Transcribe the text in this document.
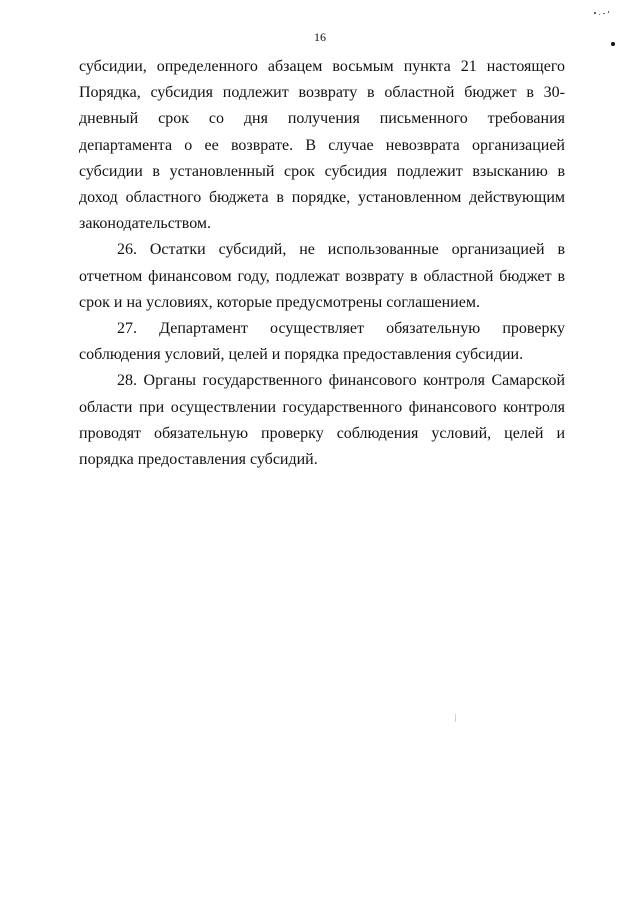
16

субсидии, определенного абзацем восьмым пункта 21 настоящего Порядка, субсидия подлежит возврату в областной бюджет в 30-дневный срок со дня получения письменного требования департамента о ее возврате. В случае невозврата организацией субсидии в установленный срок субсидия подлежит взысканию в доход областного бюджета в порядке, установленном действующим законодательством.

26. Остатки субсидий, не использованные организацией в отчетном финансовом году, подлежат возврату в областной бюджет в срок и на условиях, которые предусмотрены соглашением.

27. Департамент осуществляет обязательную проверку соблюдения условий, целей и порядка предоставления субсидии.

28. Органы государственного финансового контроля Самарской области при осуществлении государственного финансового контроля проводят обязательную проверку соблюдения условий, целей и порядка предоставления субсидий.
